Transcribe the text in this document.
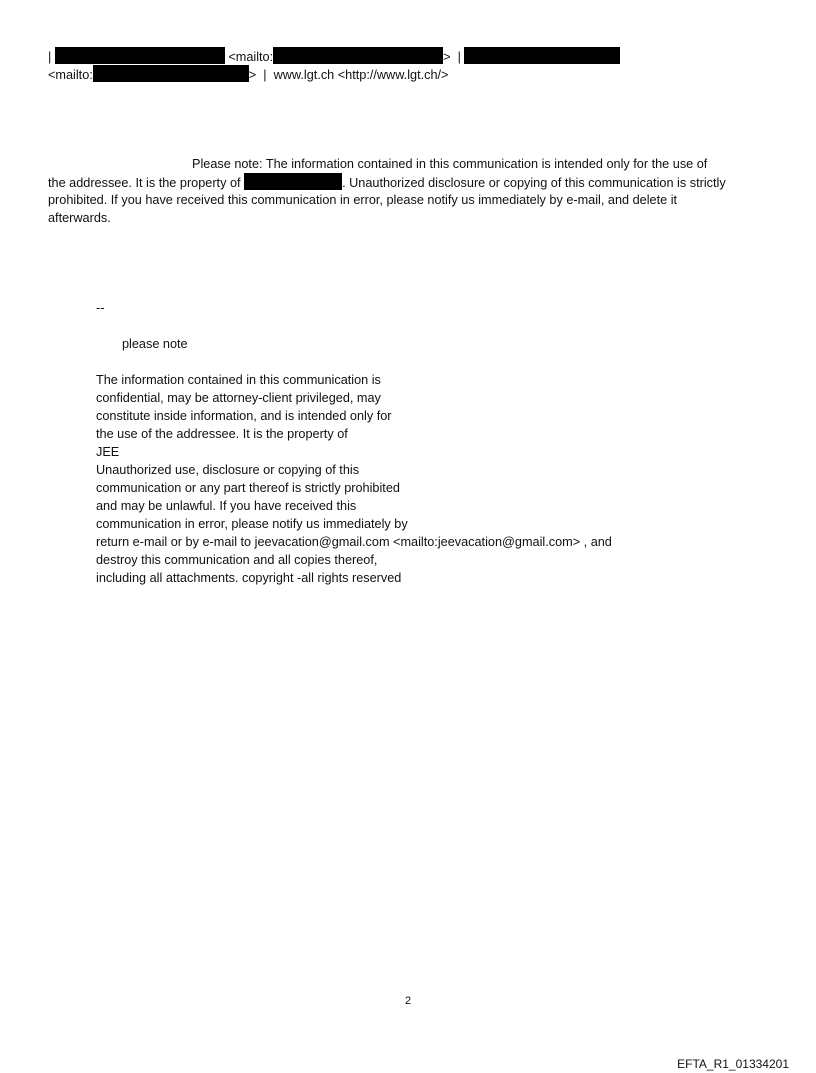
|	<mailto:	>  |
<mailto:	>  |  www.lgt.ch <http://www.lgt.ch/>
Please note: The information contained in this communication is intended only for the use of
the addressee. It is the property of	. Unauthorized disclosure or copying of this communication is strictly
prohibited. If you have received this communication in error, please notify us immediately by e-mail, and delete it
afterwards.
--
please note
The information contained in this communication is
confidential, may be attorney-client privileged, may
constitute inside information, and is intended only for
the use of the addressee. It is the property of
JEE
Unauthorized use, disclosure or copying of this
communication or any part thereof is strictly prohibited
and may be unlawful. If you have received this
communication in error, please notify us immediately by
return e-mail or by e-mail to jeevacation@gmail.com <mailto:jeevacation@gmail.com> , and
destroy this communication and all copies thereof,
including all attachments. copyright -all rights reserved
2
EFTA_R1_01334201
